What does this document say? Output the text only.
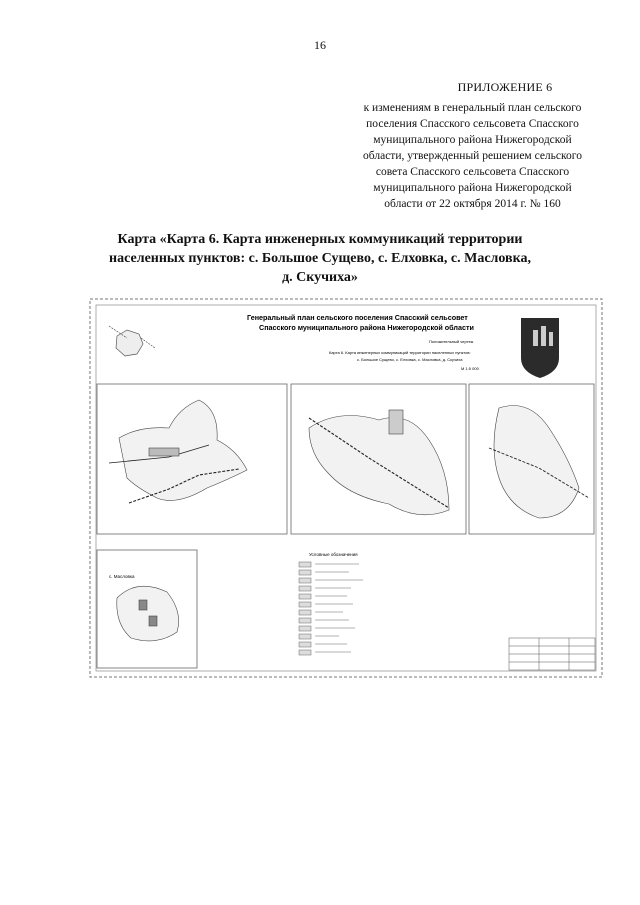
16
ПРИЛОЖЕНИЕ 6
к изменениям в генеральный план сельского
поселения Спасского сельсовета Спасского
муниципального района Нижегородской
области, утвержденный решением сельского
совета Спасского сельсовета Спасского
муниципального района Нижегородской
области от 22 октября 2014 г. № 160
Карта «Карта 6. Карта инженерных коммуникаций территории
населенных пунктов: с. Большое Сущево, с. Елховка, с. Масловка,
д. Скучиха»
Генеральный план сельского поселения Спасский сельсовет
Спасского муниципального района Нижегородской области
Положительный чертеж
Карта 6. Карта инженерных коммуникаций территории населенных пунктов:
с. Большое Сущево, с. Елховка, с. Масловка, д. Скучиха
М 1:5 000
с. Масловка
Условные обозначения
